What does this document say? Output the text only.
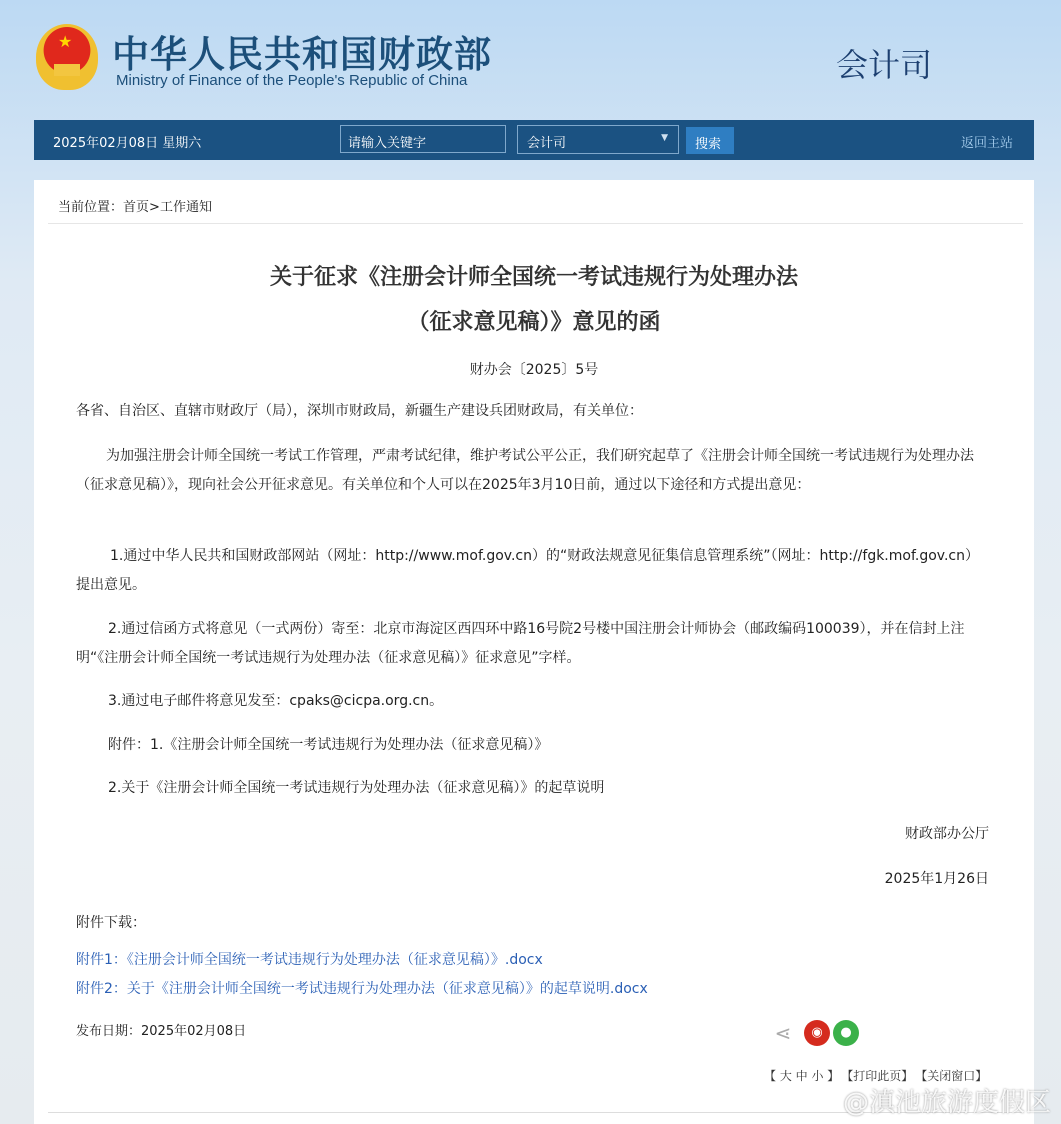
★ 中华人民共和国财政部
Ministry of Finance of the People's Republic of China	会计司
2025年02月08日 星期六	请输入关键字	会计司	▼	搜索	返回主站
当前位置：首页>工作通知
关于征求《注册会计师全国统一考试违规行为处理办法
（征求意见稿）》意见的函
财办会〔2025〕5号
各省、自治区、直辖市财政厅（局），深圳市财政局，新疆生产建设兵团财政局，有关单位：
为加强注册会计师全国统一考试工作管理，严肃考试纪律，维护考试公平公正，我们研究起草了《注册会计师全国统一考试违规行为处理办法（征求意见稿）》，现向社会公开征求意见。有关单位和个人可以在2025年3月10日前，通过以下途径和方式提出意见：
1.通过中华人民共和国财政部网站（网址：http://www.mof.gov.cn）的“财政法规意见征集信息管理系统”（网址：http://fgk.mof.gov.cn）提出意见。
2.通过信函方式将意见（一式两份）寄至：北京市海淀区西四环中路16号院2号楼中国注册会计师协会（邮政编码100039），并在信封上注明“《注册会计师全国统一考试违规行为处理办法（征求意见稿）》征求意见”字样。
3.通过电子邮件将意见发至：cpaks@cicpa.org.cn。
附件：1.《注册会计师全国统一考试违规行为处理办法（征求意见稿）》
2.关于《注册会计师全国统一考试违规行为处理办法（征求意见稿）》的起草说明
财政部办公厅
2025年1月26日
附件下载：
附件1：《注册会计师全国统一考试违规行为处理办法（征求意见稿）》.docx
附件2：关于《注册会计师全国统一考试违规行为处理办法（征求意见稿）》的起草说明.docx
发布日期：2025年02月08日	⋖	◉	●
【 大 中 小 】 【打印此页】 【关闭窗口】
@滇池旅游度假区
